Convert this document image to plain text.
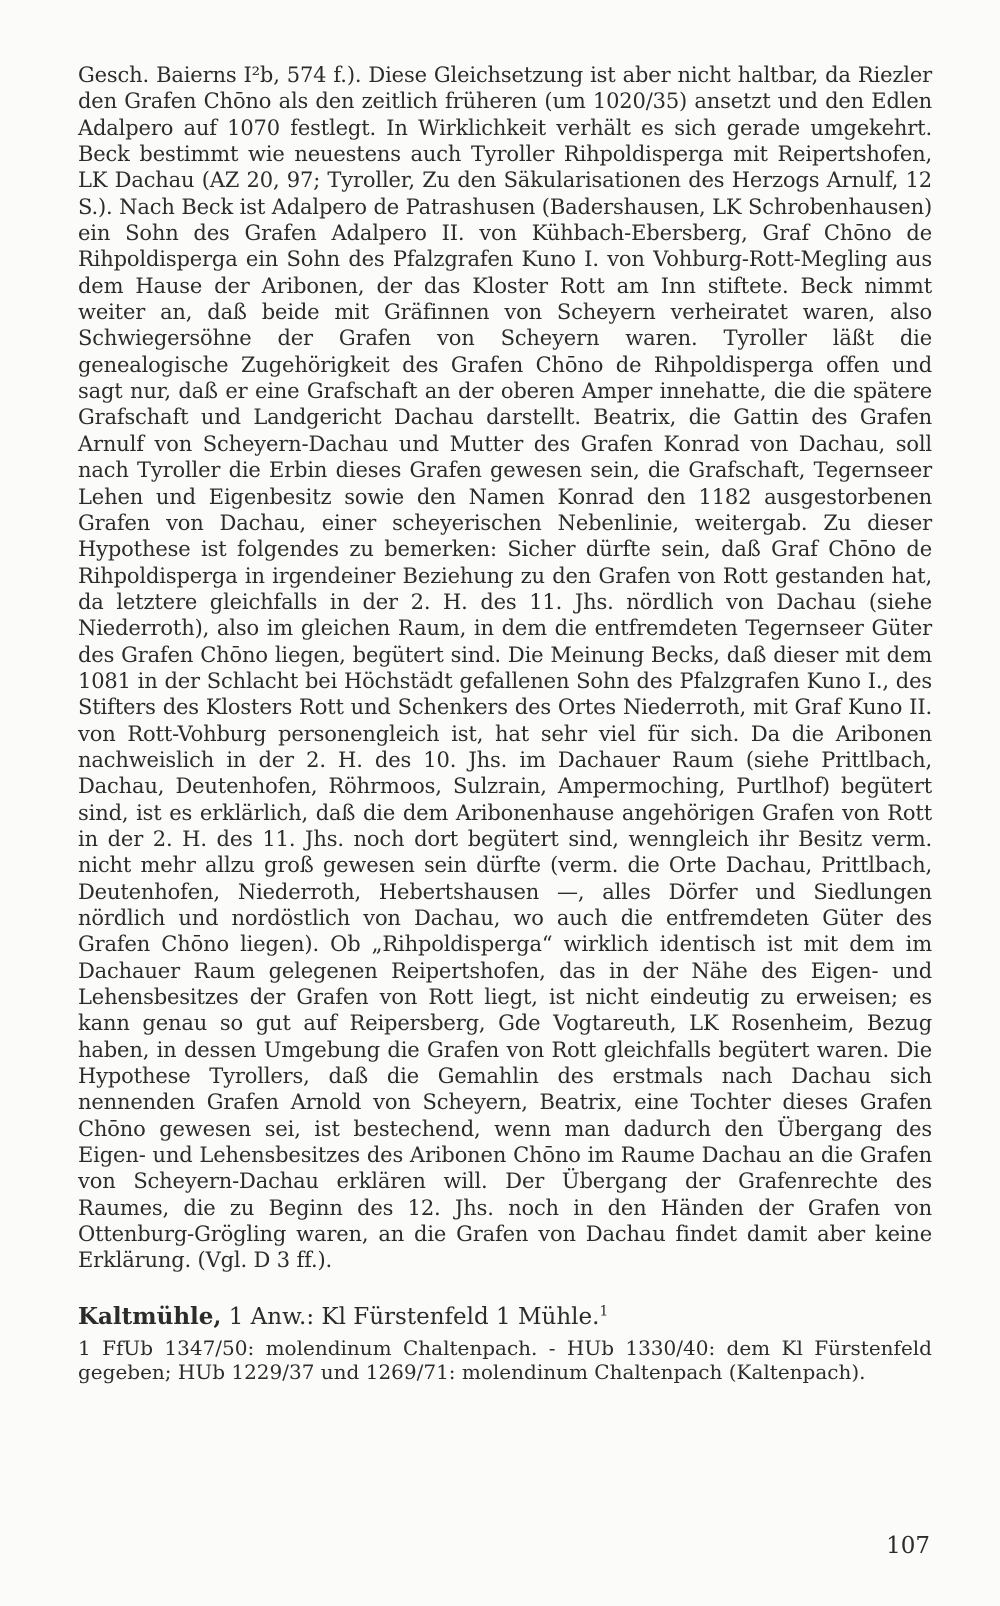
Gesch. Baierns I²b, 574 f.). Diese Gleichsetzung ist aber nicht haltbar, da Riezler den Grafen Chōno als den zeitlich früheren (um 1020/35) ansetzt und den Edlen Adalpero auf 1070 festlegt. In Wirklichkeit verhält es sich gerade umgekehrt. Beck bestimmt wie neuestens auch Tyroller Rihpoldisperga mit Reipertshofen, LK Dachau (AZ 20, 97; Tyroller, Zu den Säkularisationen des Herzogs Arnulf, 12 S.). Nach Beck ist Adalpero de Patrashusen (Badershausen, LK Schrobenhausen) ein Sohn des Grafen Adalpero II. von Kühbach-Ebersberg, Graf Chōno de Rihpoldisperga ein Sohn des Pfalzgrafen Kuno I. von Vohburg-Rott-Megling aus dem Hause der Aribonen, der das Kloster Rott am Inn stiftete. Beck nimmt weiter an, daß beide mit Gräfinnen von Scheyern verheiratet waren, also Schwiegersöhne der Grafen von Scheyern waren. Tyroller läßt die genealogische Zugehörigkeit des Grafen Chōno de Rihpoldisperga offen und sagt nur, daß er eine Grafschaft an der oberen Amper innehatte, die die spätere Grafschaft und Landgericht Dachau darstellt. Beatrix, die Gattin des Grafen Arnulf von Scheyern-Dachau und Mutter des Grafen Konrad von Dachau, soll nach Tyroller die Erbin dieses Grafen gewesen sein, die Grafschaft, Tegernseer Lehen und Eigenbesitz sowie den Namen Konrad den 1182 ausgestorbenen Grafen von Dachau, einer scheyerischen Nebenlinie, weitergab. Zu dieser Hypothese ist folgendes zu bemerken: Sicher dürfte sein, daß Graf Chōno de Rihpoldisperga in irgendeiner Beziehung zu den Grafen von Rott gestanden hat, da letztere gleichfalls in der 2. H. des 11. Jhs. nördlich von Dachau (siehe Niederroth), also im gleichen Raum, in dem die entfremdeten Tegernseer Güter des Grafen Chōno liegen, begütert sind. Die Meinung Becks, daß dieser mit dem 1081 in der Schlacht bei Höchstädt gefallenen Sohn des Pfalzgrafen Kuno I., des Stifters des Klosters Rott und Schenkers des Ortes Niederroth, mit Graf Kuno II. von Rott-Vohburg personengleich ist, hat sehr viel für sich. Da die Aribonen nachweislich in der 2. H. des 10. Jhs. im Dachauer Raum (siehe Prittlbach, Dachau, Deutenhofen, Röhrmoos, Sulzrain, Ampermoching, Purtlhof) begütert sind, ist es erklärlich, daß die dem Aribonenhause angehörigen Grafen von Rott in der 2. H. des 11. Jhs. noch dort begütert sind, wenngleich ihr Besitz verm. nicht mehr allzu groß gewesen sein dürfte (verm. die Orte Dachau, Prittlbach, Deutenhofen, Niederroth, Hebertshausen —, alles Dörfer und Siedlungen nördlich und nordöstlich von Dachau, wo auch die entfremdeten Güter des Grafen Chōno liegen). Ob „Rihpoldisperga“ wirklich identisch ist mit dem im Dachauer Raum gelegenen Reipertshofen, das in der Nähe des Eigen- und Lehensbesitzes der Grafen von Rott liegt, ist nicht eindeutig zu erweisen; es kann genau so gut auf Reipersberg, Gde Vogtareuth, LK Rosenheim, Bezug haben, in dessen Umgebung die Grafen von Rott gleichfalls begütert waren. Die Hypothese Tyrollers, daß die Gemahlin des erstmals nach Dachau sich nennenden Grafen Arnold von Scheyern, Beatrix, eine Tochter dieses Grafen Chōno gewesen sei, ist bestechend, wenn man dadurch den Übergang des Eigen- und Lehensbesitzes des Aribonen Chōno im Raume Dachau an die Grafen von Scheyern-Dachau erklären will. Der Übergang der Grafenrechte des Raumes, die zu Beginn des 12. Jhs. noch in den Händen der Grafen von Ottenburg-Grögling waren, an die Grafen von Dachau findet damit aber keine Erklärung. (Vgl. D 3 ff.).

Kaltmühle, 1 Anw.: Kl Fürstenfeld 1 Mühle.$^1$

1 FfUb 1347/50: molendinum Chaltenpach. - HUb 1330/40: dem Kl Fürstenfeld gegeben; HUb 1229/37 und 1269/71: molendinum Chaltenpach (Kaltenpach).

107
